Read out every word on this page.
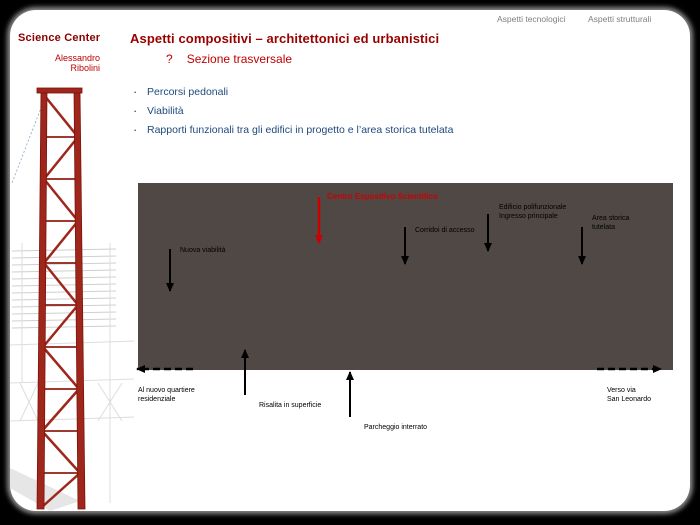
Aspetti tecnologici	Aspetti strutturali
Science Center
Alessandro
Ribolini
Aspetti compositivi – architettonici ed urbanistici
? Sezione trasversale
· Percorsi pedonali
· Viabilità
· Rapporti funzionali tra gli edifici in progetto e l’area storica tutelata
Centro Espositivo Scientifico
Nuova viabilità
Corridoi di accesso
Edificio polifunzionale
Ingresso principale	Area storica
tutelata
Al nuovo quartiere
residenziale
Risalita in superficie
Parcheggio interrato
Verso via
San Leonardo
